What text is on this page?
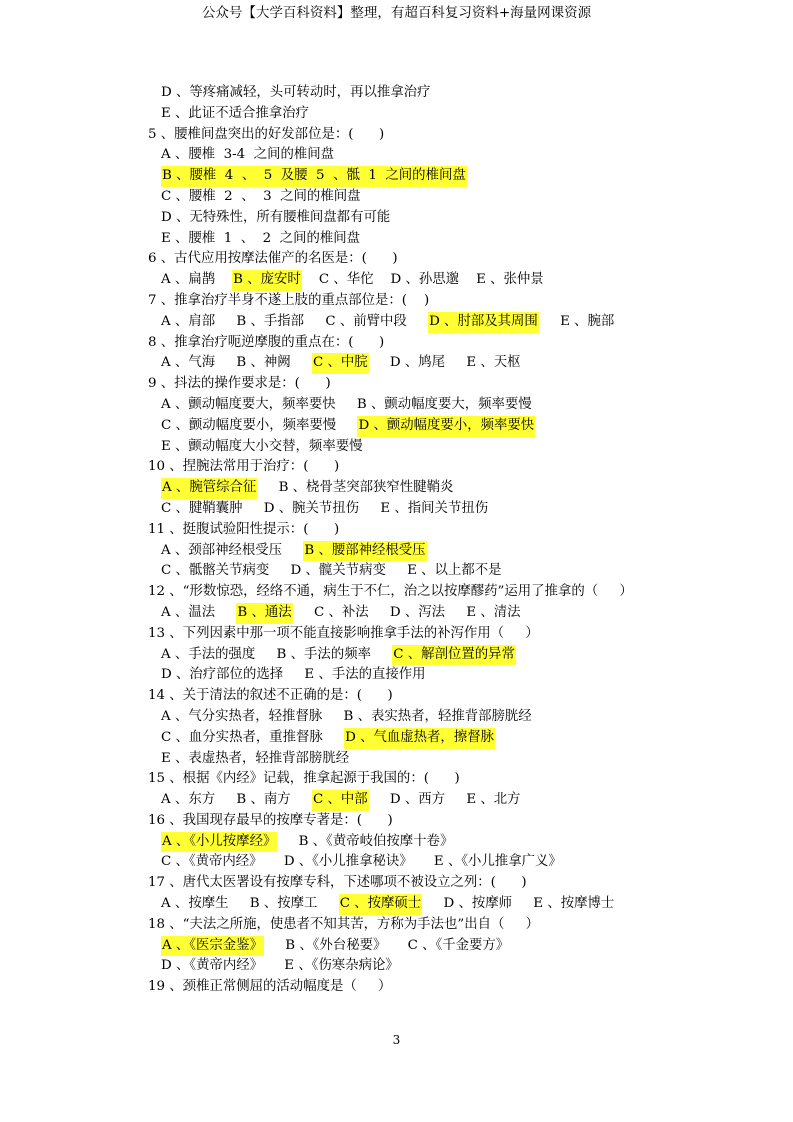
公众号【大学百科资料】整理，有超百科复习资料+海量网课资源
D 、等疼痛减轻，头可转动时，再以推拿治疗
E 、此证不适合推拿治疗
5 、腰椎间盘突出的好发部位是：(      )
A 、腰椎  3-4  之间的椎间盘
B 、腰椎  4  、  5  及腰  5  、骶  1  之间的椎间盘
C 、腰椎  2  、  3  之间的椎间盘
D 、无特殊性，所有腰椎间盘都有可能
E 、腰椎  1  、  2  之间的椎间盘
6 、古代应用按摩法催产的名医是：(      )
A 、扁鹊    B 、庞安时    C 、华佗    D 、孙思邈    E 、张仲景
7 、推拿治疗半身不遂上肢的重点部位是：(    )
A 、肩部     B 、手指部     C 、前臂中段     D 、肘部及其周围     E 、腕部
8 、推拿治疗呃逆摩腹的重点在：(      )
A 、气海     B 、神阙     C 、中脘     D 、鸠尾     E 、天枢
9 、抖法的操作要求是：(      )
A 、颤动幅度要大，频率要快     B 、颤动幅度要大，频率要慢
C 、颤动幅度要小，频率要慢     D 、颤动幅度要小，频率要快
E 、颤动幅度大小交替，频率要慢
10 、捏腕法常用于治疗：(      )
A 、腕管综合征     B 、桡骨茎突部狭窄性腱鞘炎
C 、腱鞘囊肿     D 、腕关节扭伤     E 、指间关节扭伤
11 、挺腹试验阳性提示：(      )
A 、颈部神经根受压     B 、腰部神经根受压
C 、骶髂关节病变     D 、髋关节病变     E 、以上都不是
12 、“形数惊恐，经络不通，病生于不仁，治之以按摩醪药”运用了推拿的（     ）
A 、温法     B 、通法     C 、补法     D 、泻法     E 、清法
13 、下列因素中那一项不能直接影响推拿手法的补泻作用（     ）
A 、手法的强度     B 、手法的频率     C 、解剖位置的异常
D 、治疗部位的选择     E 、手法的直接作用
14 、关于清法的叙述不正确的是：(      )
A 、气分实热者，轻推督脉     B 、表实热者，轻推背部膀胱经
C 、血分实热者，重推督脉     D 、气血虚热者，擦督脉
E 、表虚热者，轻推背部膀胱经
15 、根据《内经》记载，推拿起源于我国的：(      )
A 、东方     B 、南方     C 、中部     D 、西方     E 、北方
16 、我国现存最早的按摩专著是：(      )
A 、《小儿按摩经》     B 、《黄帝岐伯按摩十卷》
C 、《黄帝内经》     D 、《小儿推拿秘诀》     E 、《小儿推拿广义》
17 、唐代太医署设有按摩专科，下述哪项不被设立之列：(      )
A 、按摩生     B 、按摩工     C 、按摩硕士     D 、按摩师     E 、按摩博士
18 、“夫法之所施，使患者不知其苦，方称为手法也”出自（     ）
A 、《医宗金鉴》     B 、《外台秘要》     C 、《千金要方》
D 、《黄帝内经》     E 、《伤寒杂病论》
19 、颈椎正常侧屈的活动幅度是（     ）
3
